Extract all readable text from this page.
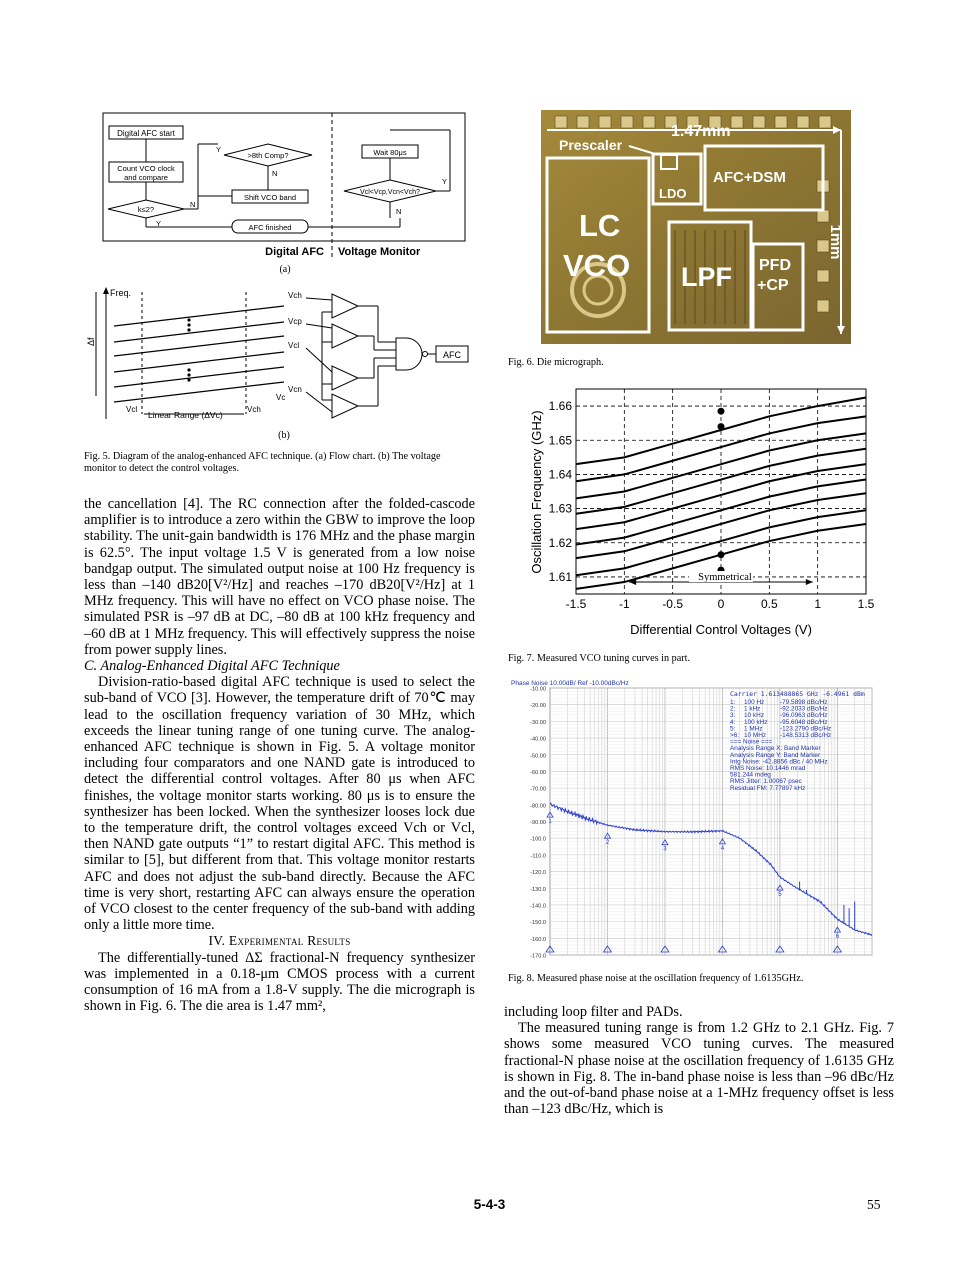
Digital AFC start
Count VCO clock
and compare
k≤2?
N
Y
>8th Comp?
Y
N
Shift VCO band
AFC finished
Wait 80μs
Vcl<Vcp,Vcn<Vch?
Y
N
Digital AFC Voltage Monitor
(a)
Freq.
Δf
Vcl
Linear Range (ΔVc)
Vch
Vch
Vcp
Vcl
Vcn
Vc
AFC
(b)
Fig. 5. Diagram of the analog-enhanced AFC technique. (a) Flow chart. (b) The voltage monitor to detect the control voltages.

the cancellation [4]. The RC connection after the folded-cascode amplifier is to introduce a zero within the GBW to improve the loop stability. The unit-gain bandwidth is 176 MHz and the phase margin is 62.5°. The input voltage 1.5 V is generated from a low noise bandgap output. The simulated output noise at 100 Hz frequency is less than –140 dB20[V²/Hz] and reaches –170 dB20[V²/Hz] at 1 MHz frequency. This will have no effect on VCO phase noise. The simulated PSR is –97 dB at DC, –80 dB at 100 kHz frequency and –60 dB at 1 MHz frequency. This will effectively suppress the noise from power supply lines.

C. Analog-Enhanced Digital AFC Technique

Division-ratio-based digital AFC technique is used to select the sub-band of VCO [3]. However, the temperature drift of 70℃ may lead to the oscillation frequency variation of 30 MHz, which exceeds the linear tuning range of one tuning curve. The analog-enhanced AFC technique is shown in Fig. 5. A voltage monitor including four comparators and one NAND gate is introduced to detect the differential control voltages. After 80 μs when AFC finishes, the voltage monitor starts working. 80 μs is to ensure the synthesizer has been locked. When the synthesizer looses lock due to the temperature drift, the control voltages exceed Vch or Vcl, then NAND gate outputs “1” to restart digital AFC. This method is similar to [5], but different from that. This voltage monitor restarts AFC and does not adjust the sub-band directly. Because the AFC time is very short, restarting AFC can always ensure the operation of VCO closest to the center frequency of the sub-band with adding only a little more time.

IV. Experimental Results

The differentially-tuned ΔΣ fractional-N frequency synthesizer was implemented in a 0.18-μm CMOS process with a current consumption of 16 mA from a 1.8-V supply. The die micrograph is shown in Fig. 6. The die area is 1.47 mm²,

1.47mm
1mm
Prescaler
AFC+DSM
LDO
LC
VCO LPF PFD
+CP
Fig. 6. Die micrograph.
-1.5	-1	-0.5	0	0.5	1	1.5
1.61
1.62
1.63
1.64
1.65
1.66
Oscillation Frequency (GHz)
Differential Control Voltages (V)
Symmetrical
Fig. 7. Measured VCO tuning curves in part.
Phase Noise 10.00dB/ Ref -10.00dBc/Hz
-10.00
-20.00
-30.00
-40.00
-50.00
-60.00
-70.00
-80.00
-90.00
-100.0
-110.0
-120.0
-130.0
-140.0
-150.0
-160.0
-170.0
1
2
3	4
5
6
Carrier 1.613488865 GHz -6.4961 dBm
1: 100 Hz -79.5898 dBc/Hz
2: 1 kHz	-92.2033 dBc/Hz
3: 10 kHz	-96.0963 dBc/Hz
4: 100 kHz -95.6048 dBc/Hz
5: 1 MHz	-123.2790 dBc/Hz
>6: 10 MHz -148.5313 dBc/Hz
=== Noise ===
Analysis Range X: Band Marker
Analysis Range Y: Band Marker
Intg Noise: -42.8856 dBc / 40 MHz
RMS Noise: 10.1446 mrad
581.244 mdeg
RMS Jitter: 1.00067 psec
Residual FM: 7.77897 kHz
Fig. 8. Measured phase noise at the oscillation frequency of 1.6135GHz.

including loop filter and PADs.

The measured tuning range is from 1.2 GHz to 2.1 GHz. Fig. 7 shows some measured VCO tuning curves. The measured fractional-N phase noise at the oscillation frequency of 1.6135 GHz is shown in Fig. 8. The in-band phase noise is less than –96 dBc/Hz and the out-of-band phase noise at a 1-MHz frequency offset is less than –123 dBc/Hz, which is

5-4-3	55
